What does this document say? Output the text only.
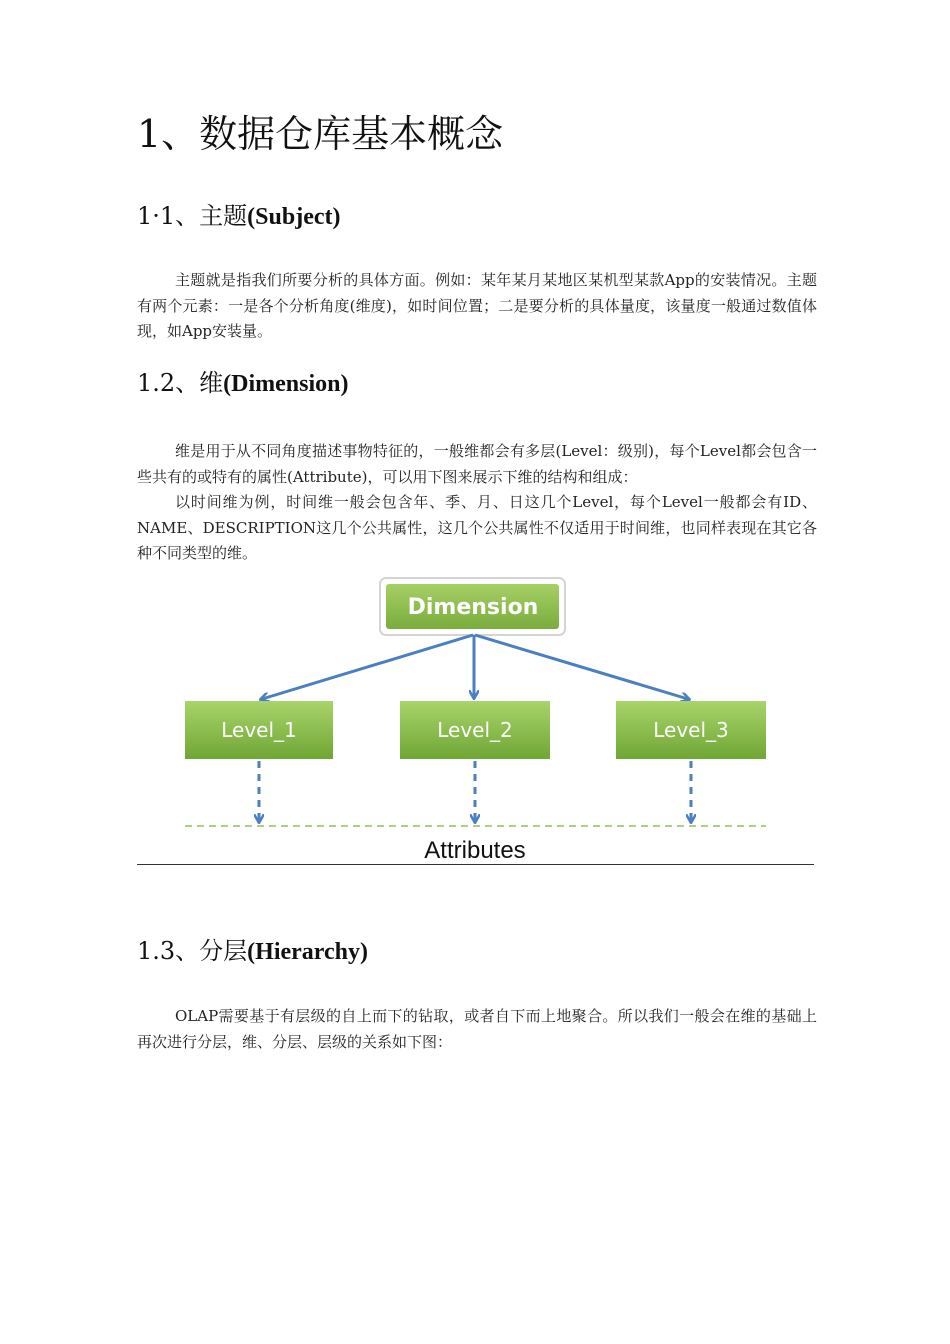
1、数据仓库基本概念
1·1、主题(Subject)

主题就是指我们所要分析的具体方面。例如：某年某月某地区某机型某款App的安装情况。主题有两个元素：一是各个分析角度(维度)，如时间位置；二是要分析的具体量度，该量度一般通过数值体现，如App安装量。

1.2、维(Dimension)

维是用于从不同角度描述事物特征的，一般维都会有多层(Level：级别)，每个Level都会包含一些共有的或特有的属性(Attribute)，可以用下图来展示下维的结构和组成：

以时间维为例，时间维一般会包含年、季、月、日这几个Level，每个Level一般都会有ID、NAME、DESCRIPTION这几个公共属性，这几个公共属性不仅适用于时间维，也同样表现在其它各种不同类型的维。

Dimension
Level_1	Level_2	Level_3
Attributes
1.3、分层(Hierarchy)

OLAP需要基于有层级的自上而下的钻取，或者自下而上地聚合。所以我们一般会在维的基础上再次进行分层，维、分层、层级的关系如下图：
